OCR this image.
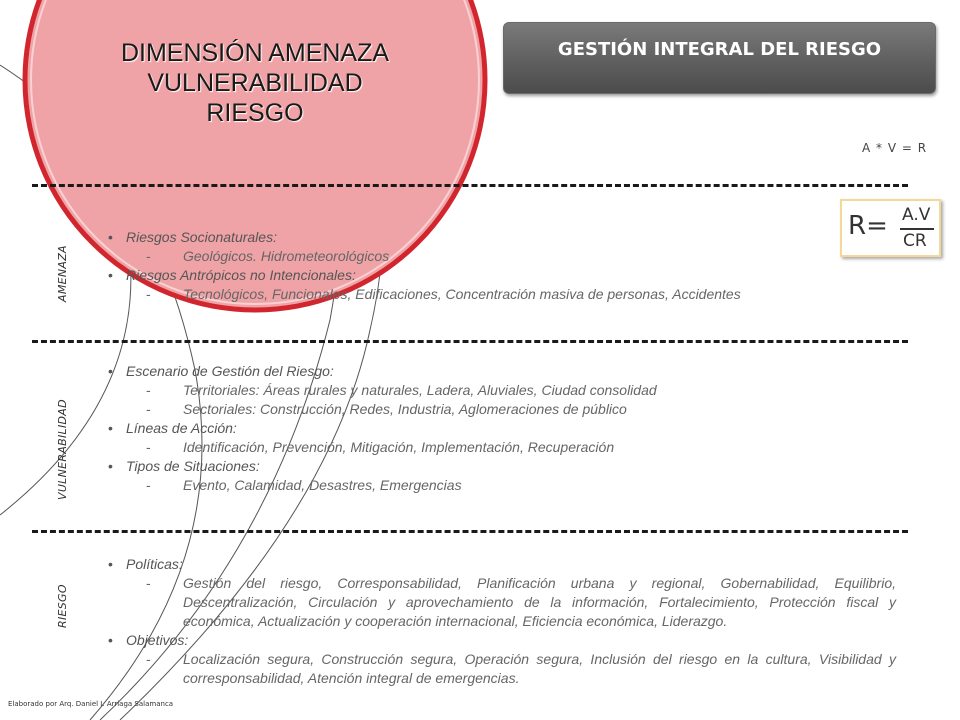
DIMENSIÓN AMENAZA
VULNERABILIDAD
RIESGO
GESTIÓN INTEGRAL DEL RIESGO
A * V = R
R= A.V
CR
AMENAZA
VULNERABILIDAD
RIESGO
• Riesgos Socionaturales:
- Geológicos. Hidrometeorológicos
• Riesgos Antrópicos no Intencionales:
- Tecnológicos, Funcionales, Edificaciones, Concentración masiva de personas, Accidentes
• Escenario de Gestión del Riesgo:
- Territoriales: Áreas rurales y naturales, Ladera, Aluviales, Ciudad consolidad
- Sectoriales: Construcción, Redes, Industria, Aglomeraciones de público
• Líneas de Acción:
- Identificación, Prevención, Mitigación, Implementación, Recuperación
• Tipos de Situaciones:
- Evento, Calamidad, Desastres, Emergencias
• Políticas:
- Gestión del riesgo, Corresponsabilidad, Planificación urbana y regional, Gobernabilidad, Equilibrio, Descentralización, Circulación y aprovechamiento de la información, Fortalecimiento, Protección fiscal y económica, Actualización y cooperación internacional, Eficiencia económica, Liderazgo.
• Objetivos:
- Localización segura, Construcción segura, Operación segura, Inclusión del riesgo en la cultura, Visibilidad y corresponsabilidad, Atención integral de emergencias.
Elaborado por Arq. Daniel I. Arriaga Salamanca
